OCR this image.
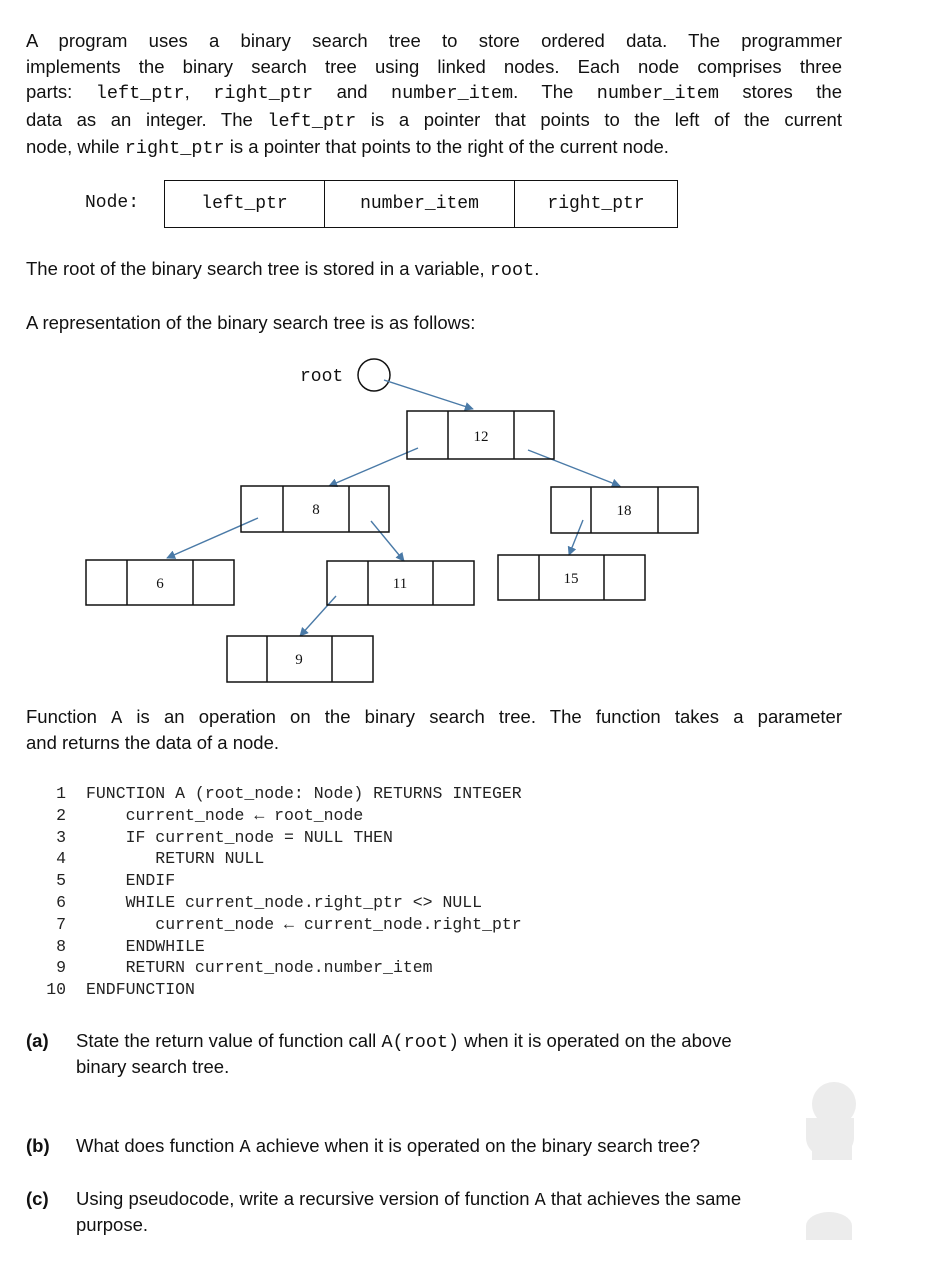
A program uses a binary search tree to store ordered data. The programmer
implements the binary search tree using linked nodes. Each node comprises three
parts: left_ptr, right_ptr and number_item. The number_item stores the
data as an integer. The left_ptr is a pointer that points to the left of the current
node, while right_ptr is a pointer that points to the right of the current node.
Node:	left_ptr	number_item	right_ptr

The root of the binary search tree is stored in a variable, root.

A representation of the binary search tree is as follows:

root
12
8	18
6	11	15
9
Function A is an operation on the binary search tree. The function takes a parameter
and returns the data of a node.
1 FUNCTION A (root_node: Node) RETURNS INTEGER
2    current_node ← root_node
3    IF current_node = NULL THEN
4       RETURN NULL
5    ENDIF
6    WHILE current_node.right_ptr <> NULL
7       current_node ← current_node.right_ptr
8    ENDWHILE
9    RETURN current_node.number_item
10 ENDFUNCTION
(a) State the return value of function call A(root) when it is operated on the above
binary search tree.
(b) What does function A achieve when it is operated on the binary search tree?
(c) Using pseudocode, write a recursive version of function A that achieves the same
purpose.
